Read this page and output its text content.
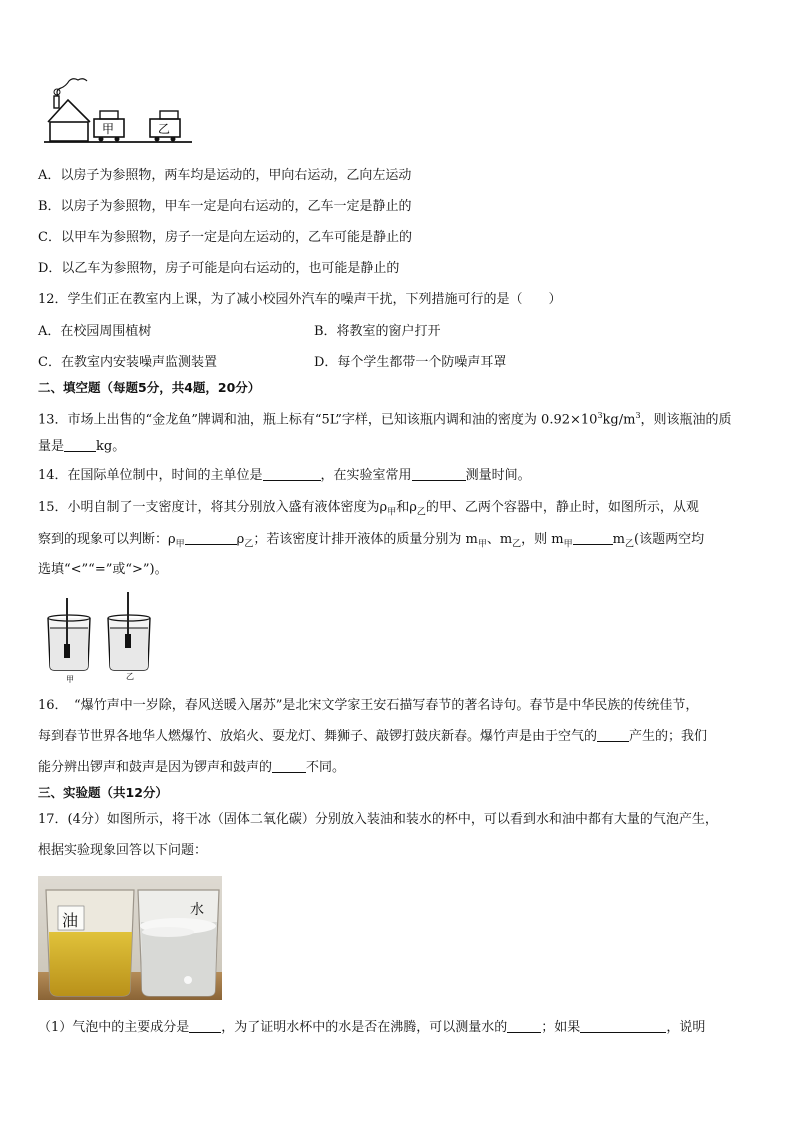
甲	乙
A．以房子为参照物，两车均是运动的，甲向右运动，乙向左运动
B．以房子为参照物，甲车一定是向右运动的，乙车一定是静止的
C．以甲车为参照物，房子一定是向左运动的，乙车可能是静止的
D．以乙车为参照物，房子可能是向右运动的，也可能是静止的
12．学生们正在教室内上课，为了减小校园外汽车的噪声干扰，下列措施可行的是（　　）
A．在校园周围植树	B．将教室的窗户打开
C．在教室内安装噪声监测装置	D．每个学生都带一个防噪声耳罩
二、填空题（每题5分，共4题，20分）
13．市场上出售的“金龙鱼”牌调和油，瓶上标有“5L”字样，已知该瓶内调和油的密度为 $0.92\times 10^3kg/m^3$，则该瓶油的质
量是 kg。
14．在国际单位制中，时间的主单位是	，在实验室常用	测量时间。
15．小明自制了一支密度计，将其分别放入盛有液体密度为$\rho_甲$和$\rho_乙$的甲、乙两个容器中，静止时，如图所示，从观
察到的现象可以判断：$\rho_甲$	$\rho_乙$；若该密度计排开液体的质量分别为 $m_甲$、$m_乙$，则 $m_甲$	$m_乙$(该题两空均
选填“<”“=”或“>”)。
甲	乙
16．　“爆竹声中一岁除，春风送暖入屠苏”是北宋文学家王安石描写春节的著名诗句。春节是中华民族的传统佳节，
每到春节世界各地华人燃爆竹、放焰火、耍龙灯、舞狮子、敲锣打鼓庆新春。爆竹声是由于空气的 产生的；我们
能分辨出锣声和鼓声是因为锣声和鼓声的	不同。
三、实验题（共12分）
17．(4分）如图所示，将干冰（固体二氧化碳）分别放入装油和装水的杯中，可以看到水和油中都有大量的气泡产生，
根据实验现象回答以下问题：
油
水
（1）气泡中的主要成分是 ，为了证明水杯中的水是否在沸腾，可以测量水的	；如果	，说明
